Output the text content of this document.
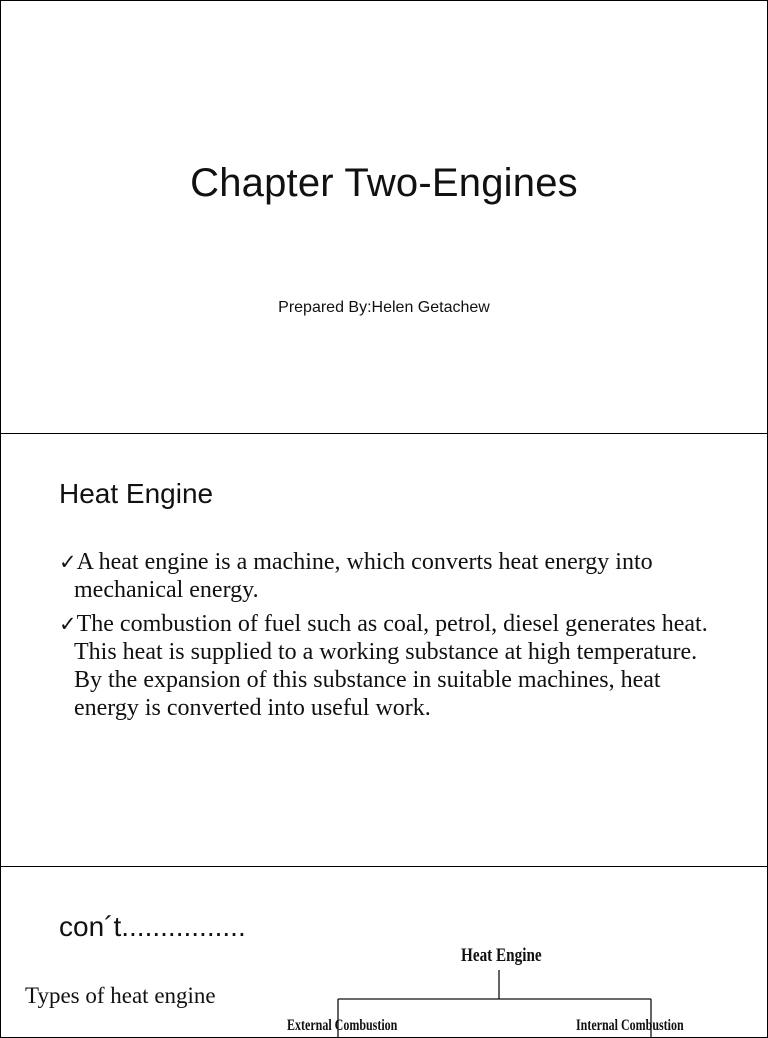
Chapter Two-Engines
Prepared By:Helen Getachew
Heat Engine
✓A heat engine is a machine, which converts heat energy into mechanical energy.
✓The combustion of fuel such as coal, petrol, diesel generates heat. This heat is supplied to a working substance at high temperature. By the expansion of this substance in suitable machines, heat energy is converted into useful work.
con´t................
Types of heat engine
Heat Engine
External Combustion	Internal Combustion
